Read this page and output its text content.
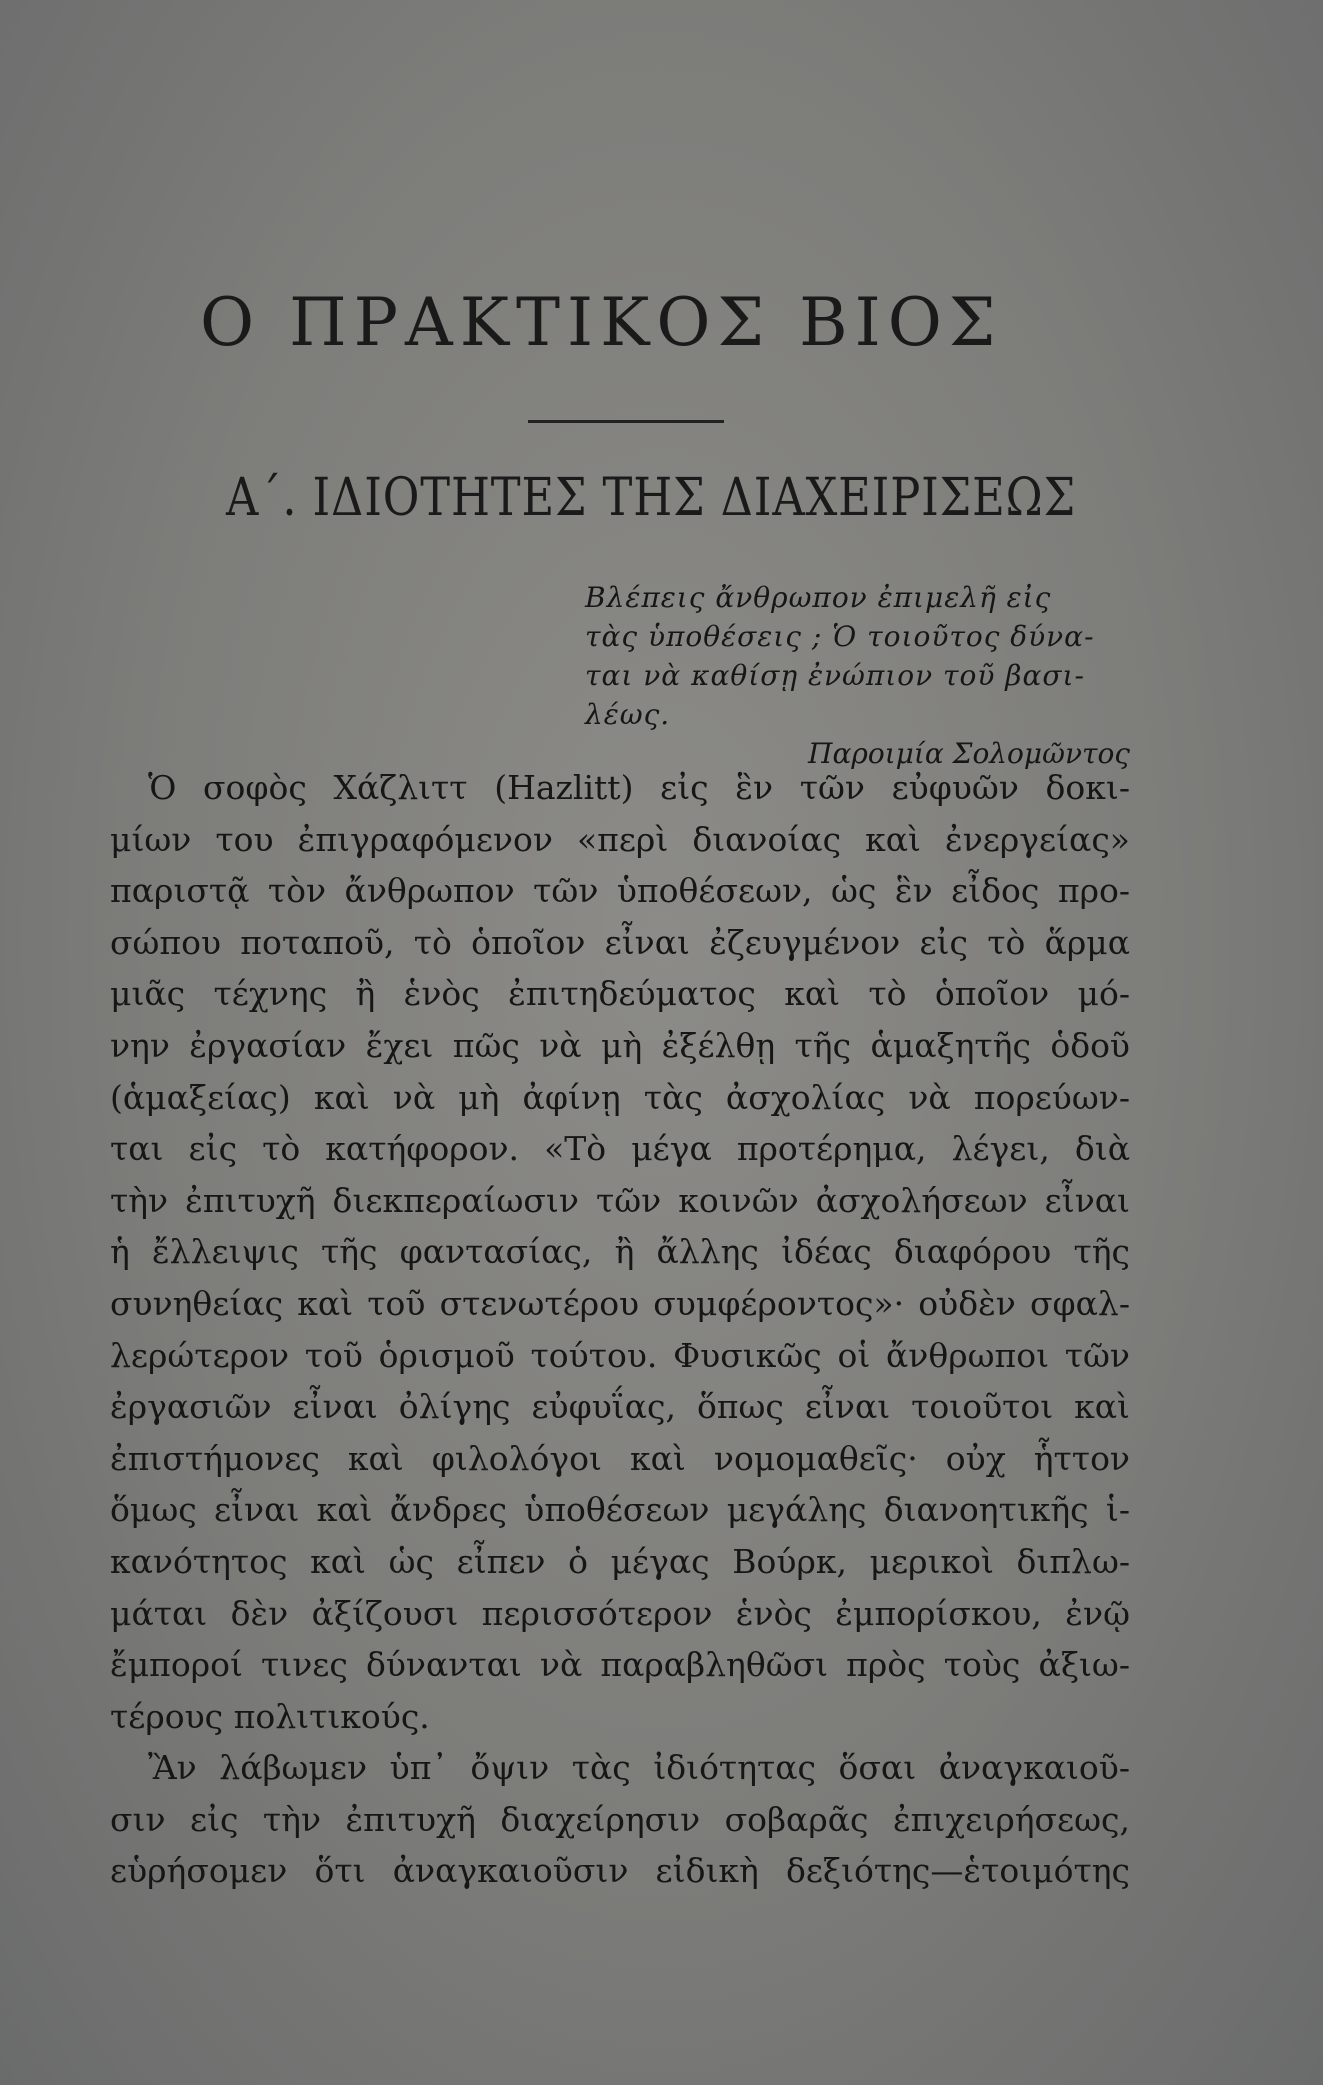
Ο ΠΡΑΚΤΙΚΟΣ ΒΙΟΣ
Α΄. ΙΔΙΟΤΗΤΕΣ ΤΗΣ ΔΙΑΧΕΙΡΙΣΕΩΣ
Βλέπεις ἄνθρωπον ἐπιμελῆ εἰς
τὰς ὑποθέσεις ; Ὁ τοιοῦτος δύνα-
ται νὰ καθίσῃ ἐνώπιον τοῦ βασι-
λέως.
Παροιμία Σολομῶντος
Ὁ σοφὸς Χάζλιττ (Hazlitt) εἰς ἓν τῶν εὐφυῶν δοκι-
μίων του ἐπιγραφόμενον «περὶ διανοίας καὶ ἐνεργείας»
παριστᾷ τὸν ἄνθρωπον τῶν ὑποθέσεων, ὡς ἓν εἶδος προ-
σώπου ποταποῦ, τὸ ὁποῖον εἶναι ἐζευγμένον εἰς τὸ ἅρμα
μιᾶς τέχνης ἢ ἑνὸς ἐπιτηδεύματος καὶ τὸ ὁποῖον μό-
νην ἐργασίαν ἔχει πῶς νὰ μὴ ἐξέλθῃ τῆς ἁμαξητῆς ὁδοῦ
(ἁμαξείας) καὶ νὰ μὴ ἀφίνῃ τὰς ἀσχολίας νὰ πορεύων-
ται εἰς τὸ κατήφορον. «Τὸ μέγα προτέρημα, λέγει, διὰ
τὴν ἐπιτυχῆ διεκπεραίωσιν τῶν κοινῶν ἀσχολήσεων εἶναι
ἡ ἔλλειψις τῆς φαντασίας, ἢ ἄλλης ἰδέας διαφόρου τῆς
συνηθείας καὶ τοῦ στενωτέρου συμφέροντος»· οὐδὲν σφαλ-
λερώτερον τοῦ ὁρισμοῦ τούτου. Φυσικῶς οἱ ἄνθρωποι τῶν
ἐργασιῶν εἶναι ὀλίγης εὐφυΐας, ὅπως εἶναι τοιοῦτοι καὶ
ἐπιστήμονες καὶ φιλολόγοι καὶ νομομαθεῖς· οὐχ ἧττον
ὅμως εἶναι καὶ ἄνδρες ὑποθέσεων μεγάλης διανοητικῆς ἱ-
κανότητος καὶ ὡς εἶπεν ὁ μέγας Βούρκ, μερικοὶ διπλω-
μάται δὲν ἀξίζουσι περισσότερον ἑνὸς ἐμπορίσκου, ἐνῷ
ἔμποροί τινες δύνανται νὰ παραβληθῶσι πρὸς τοὺς ἀξιω-
τέρους πολιτικούς.
Ἂν λάβωμεν ὑπ᾽ ὄψιν τὰς ἰδιότητας ὅσαι ἀναγκαιοῦ-
σιν εἰς τὴν ἐπιτυχῆ διαχείρησιν σοβαρᾶς ἐπιχειρήσεως,
εὑρήσομεν ὅτι ἀναγκαιοῦσιν εἰδικὴ δεξιότης—ἑτοιμότης
